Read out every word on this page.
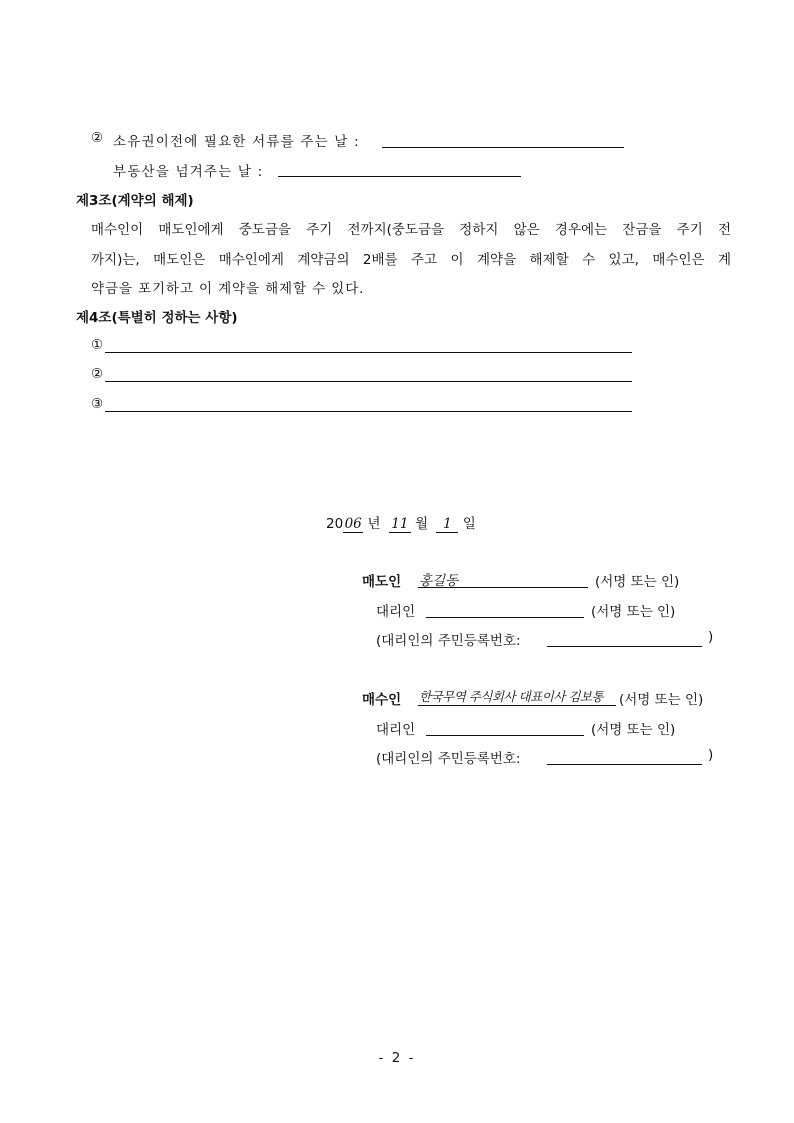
② 소유권이전에 필요한 서류를 주는 날 :
부동산을 넘겨주는 날 :
제3조(계약의 해제)
매수인이 매도인에게 중도금을 주기 전까지(중도금을 정하지 않은 경우에는 잔금을 주기 전
까지)는, 매도인은 매수인에게 계약금의 2배를 주고 이 계약을 해제할 수 있고, 매수인은 계
약금을 포기하고 이 계약을 해제할 수 있다.
제4조(특별히 정하는 사항)
①
②
③
2006 년 11 월 1 일
매도인 홍길동	(서명 또는 인)
대리인	(서명 또는 인)
(대리인의 주민등록번호:	)
매수인 한국무역 주식회사 대표이사 김보통 (서명 또는 인)
대리인	(서명 또는 인)
(대리인의 주민등록번호:	)
- 2 -
